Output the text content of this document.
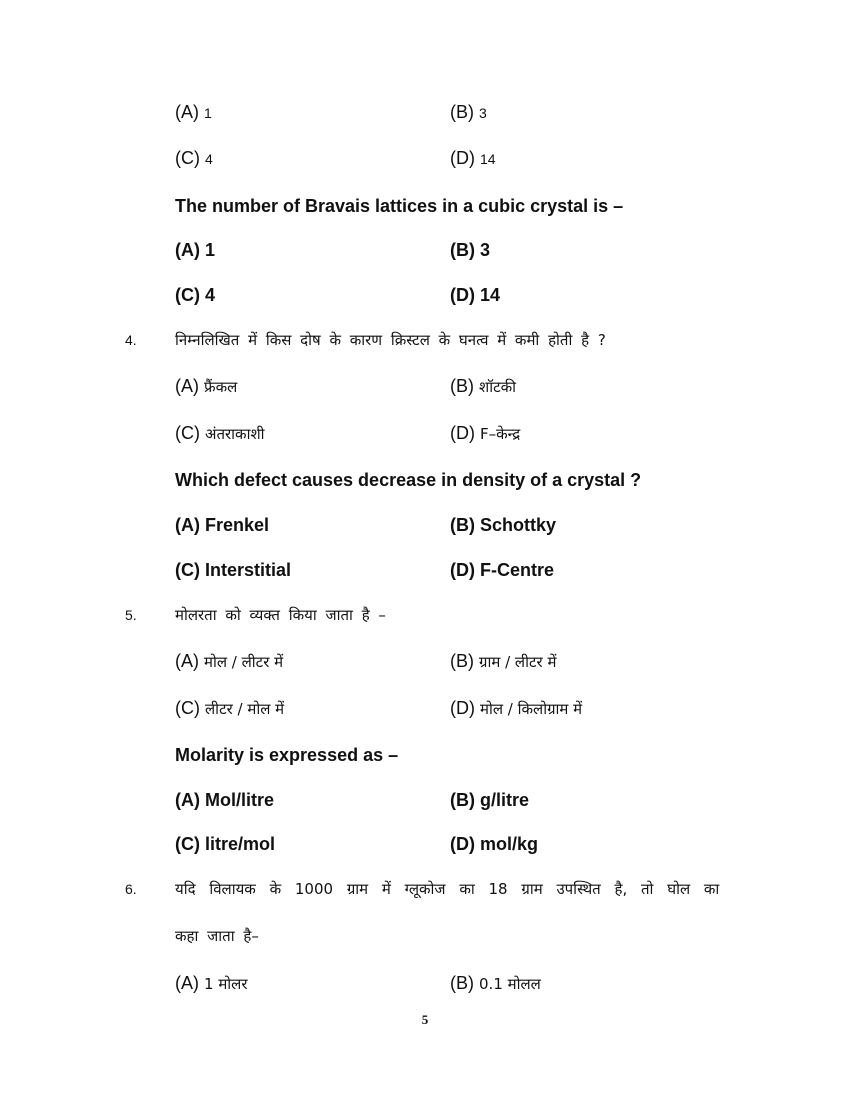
(A) 1	(B) 3
(C) 4	(D) 14
The number of Bravais lattices in a cubic crystal is –
(A) 1	(B) 3
(C) 4	(D) 14
4.	निम्नलिखित में किस दोष के कारण क्रिस्टल के घनत्व में कमी होती है ?
(A) फ्रैंकल	(B) शॉटकी
(C) अंतराकाशी	(D) F–केन्द्र
Which defect causes decrease in density of a crystal ?
(A) Frenkel	(B) Schottky
(C) Interstitial	(D) F-Centre
5.	मोलरता को व्यक्त किया जाता है –
(A) मोल / लीटर में	(B) ग्राम / लीटर में
(C) लीटर / मोल में	(D) मोल / किलोग्राम में
Molarity is expressed as –
(A) Mol/litre	(B) g/litre
(C) litre/mol	(D) mol/kg
6.	यदि विलायक के 1000 ग्राम में ग्लूकोज का 18 ग्राम उपस्थित है, तो घोल का
कहा जाता है–
(A) 1 मोलर	(B) 0.1 मोलल
5
